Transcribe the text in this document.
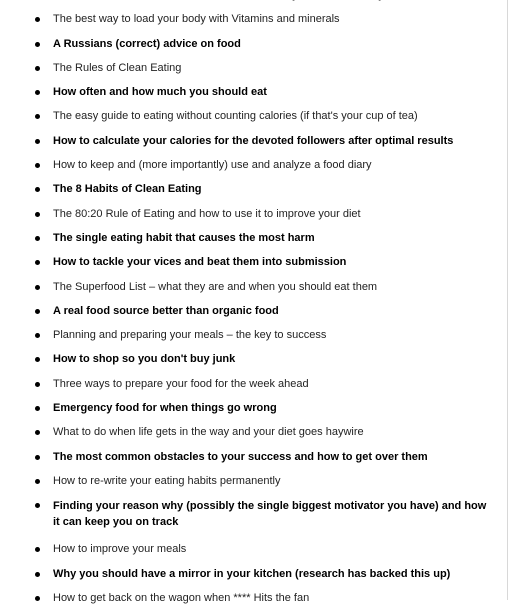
The best way to load your body with Vitamins and minerals
A Russians (correct) advice on food
The Rules of Clean Eating
How often and how much you should eat
The easy guide to eating without counting calories (if that's your cup of tea)
How to calculate your calories for the devoted followers after optimal results
How to keep and (more importantly) use and analyze a food diary
The 8 Habits of Clean Eating
The 80:20 Rule of Eating and how to use it to improve your diet
The single eating habit that causes the most harm
How to tackle your vices and beat them into submission
The Superfood List – what they are and when you should eat them
A real food source better than organic food
Planning and preparing your meals – the key to success
How to shop so you don't buy junk
Three ways to prepare your food for the week ahead
Emergency food for when things go wrong
What to do when life gets in the way and your diet goes haywire
The most common obstacles to your success and how to get over them
How to re-write your eating habits permanently
Finding your reason why (possibly the single biggest motivator you have) and how it can keep you on track
How to improve your meals
Why you should have a mirror in your kitchen (research has backed this up)
How to get back on the wagon when **** Hits the fan
